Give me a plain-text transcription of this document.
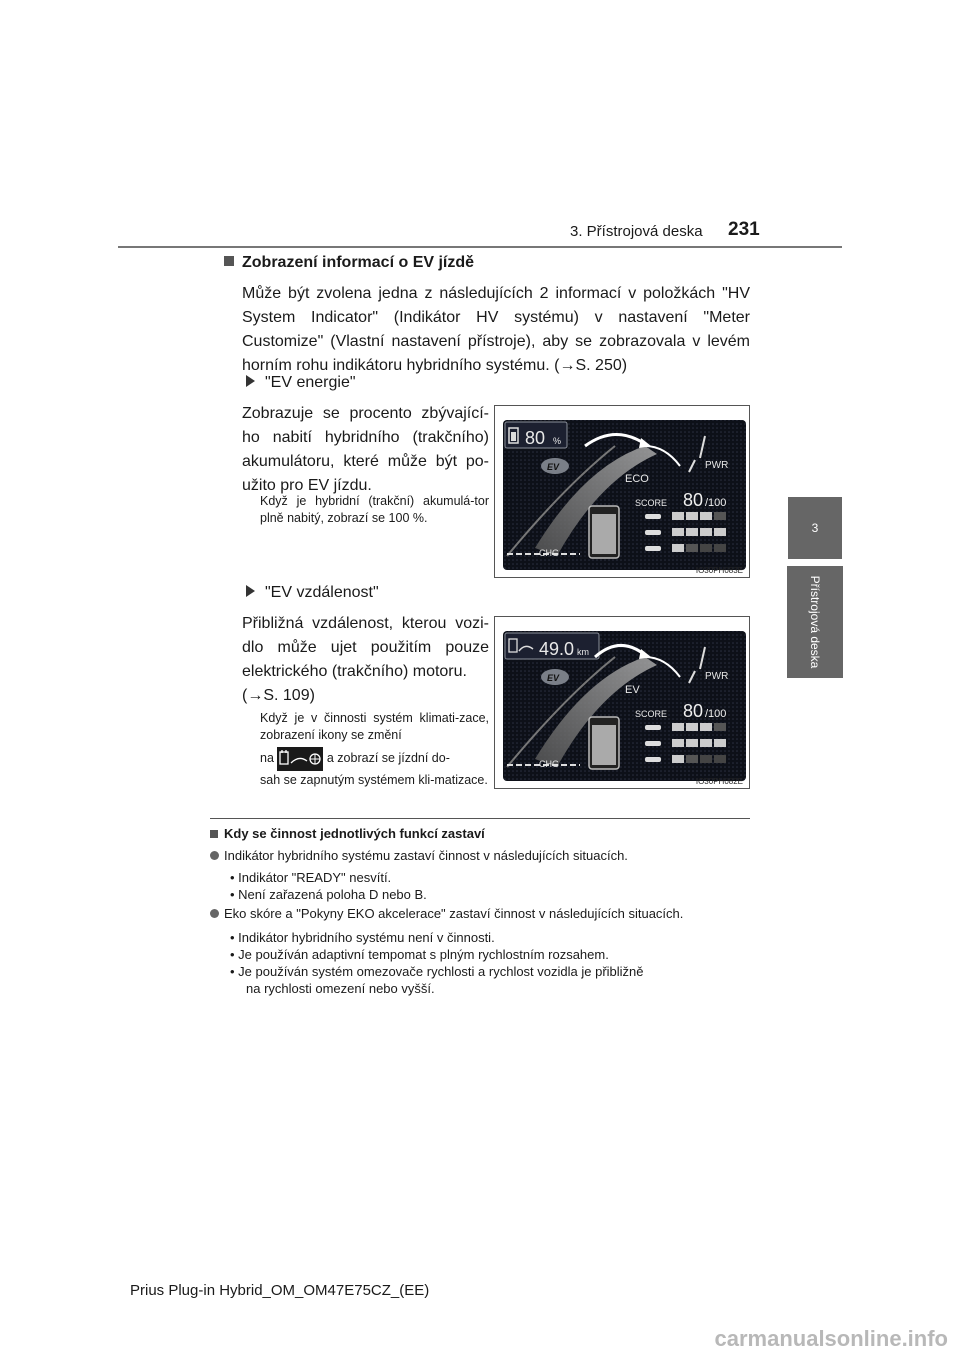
3. Přístrojová deska 231
3
Přístrojová deska
Zobrazení informací o EV jízdě
Může být zvolena jedna z následujících 2 informací v položkách "HV System Indicator" (Indikátor HV systému) v nastavení "Meter Customize" (Vlastní nastavení přístroje), aby se zobrazovala v levém horním rohu indikátoru hybridního systému. (→S. 250)
"EV energie"
Zobrazuje se procento zbývající-ho nabití hybridního (trakčního) akumulátoru, které může být po-užito pro EV jízdu.
Když je hybridní (trakční) akumulá-tor plně nabitý, zobrazí se 100 %.
80 %
PWR
EV
ECO
SCORE 80 /100
CHG
IO30PH083E
"EV vzdálenost"
Přibližná vzdálenost, kterou vozi-dlo může ujet použitím pouze elektrického (trakčního) motoru.
(→S. 109)
Když je v činnosti systém klimati-zace, zobrazení ikony se změní
na	a zobrazí se jízdní do-
sah se zapnutým systémem kli-matizace.
49.0 km
PWR
EV
EV
SCORE 80 /100
CHG
IO30PH082E
Kdy se činnost jednotlivých funkcí zastaví
Indikátor hybridního systému zastaví činnost v následujících situacích.
• Indikátor "READY" nesvítí.
• Není zařazená poloha D nebo B.
Eko skóre a "Pokyny EKO akcelerace" zastaví činnost v následujících situacích.
• Indikátor hybridního systému není v činnosti.
• Je používán adaptivní tempomat s plným rychlostním rozsahem.
• Je používán systém omezovače rychlosti a rychlost vozidla je přibližně
na rychlosti omezení nebo vyšší.
Prius Plug-in Hybrid_OM_OM47E75CZ_(EE)
carmanualsonline.info
